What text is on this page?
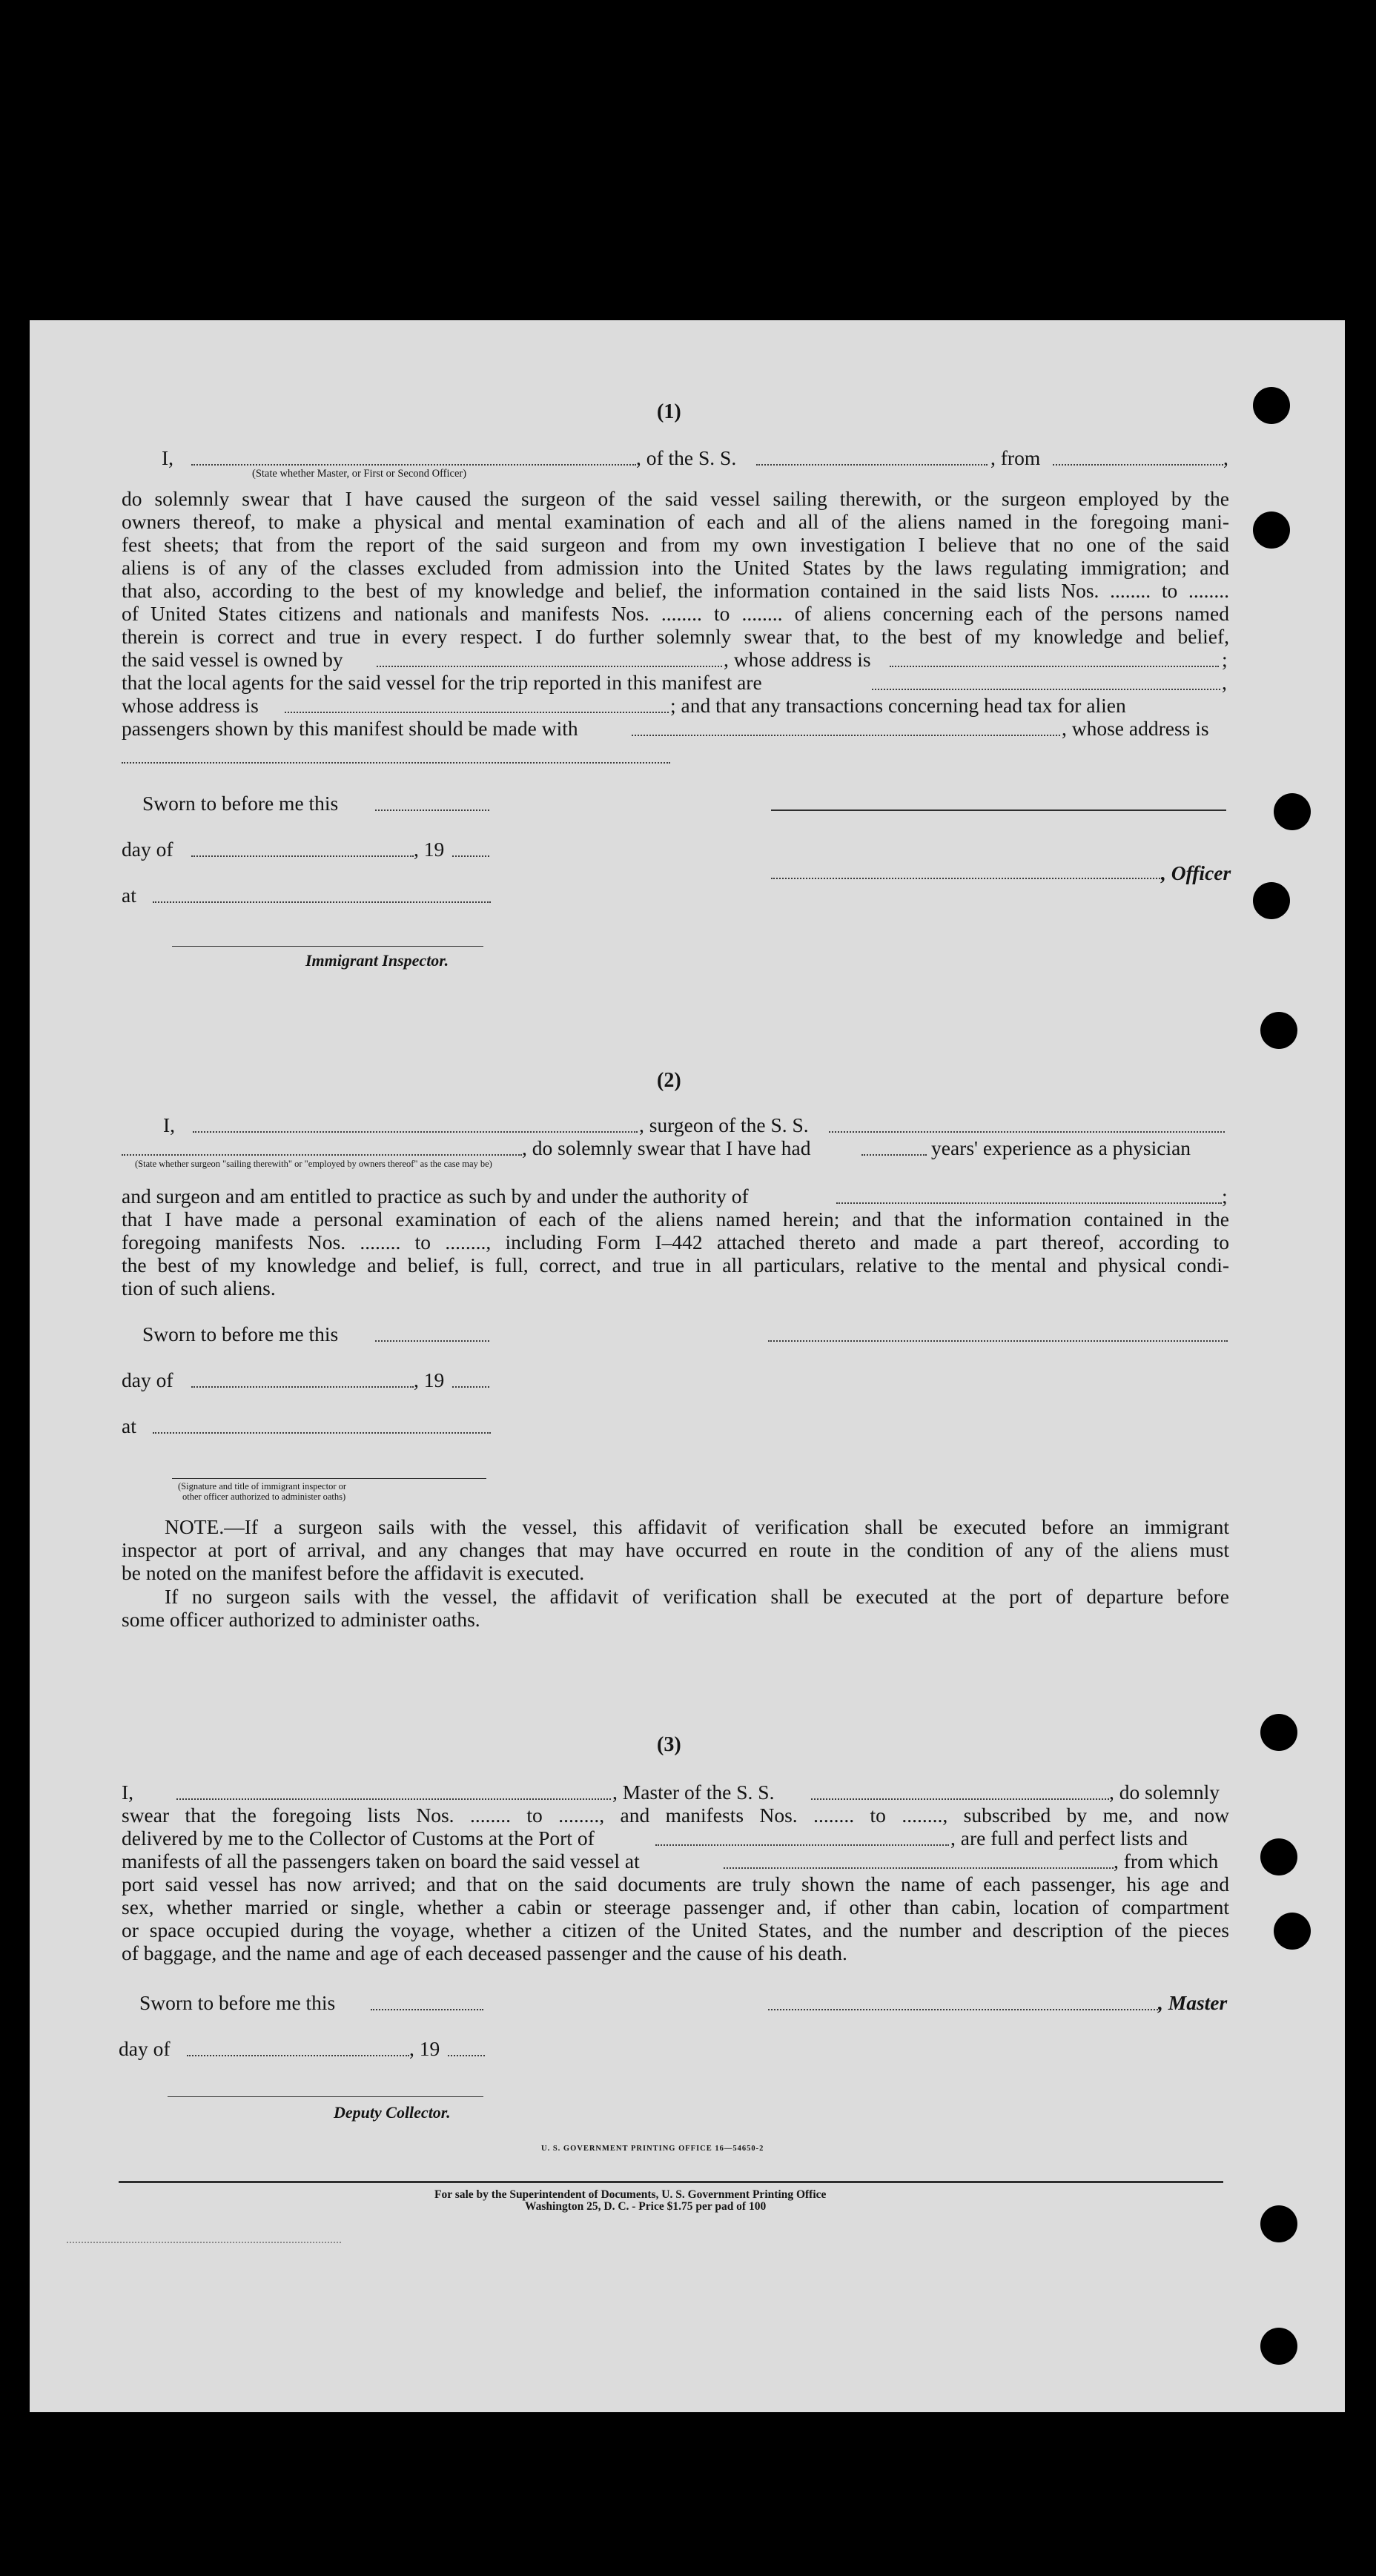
(1)
I,	, of the S. S.	, from	,
(State whether Master, or First or Second Officer)
do solemnly swear that I have caused the surgeon of the said vessel sailing therewith, or the surgeon employed by the
owners thereof, to make a physical and mental examination of each and all of the aliens named in the foregoing mani-
fest sheets; that from the report of the said surgeon and from my own investigation I believe that no one of the said
aliens is of any of the classes excluded from admission into the United States by the laws regulating immigration; and
that also, according to the best of my knowledge and belief, the information contained in the said lists Nos. ........ to ........
of United States citizens and nationals and manifests Nos. ........ to ........ of aliens concerning each of the persons named
therein is correct and true in every respect. I do further solemnly swear that, to the best of my knowledge and belief,
the said vessel is owned by	, whose address is	;
that the local agents for the said vessel for the trip reported in this manifest are	,
whose address is	; and that any transactions concerning head tax for alien
passengers shown by this manifest should be made with	, whose address is
Sworn to before me this
day of	, 19
, Officer
at
Immigrant Inspector.
(2)
I,	, surgeon of the S. S.
, do solemnly swear that I have had	years' experience as a physician
(State whether surgeon "sailing therewith" or "employed by owners thereof" as the case may be)
and surgeon and am entitled to practice as such by and under the authority of	;
that I have made a personal examination of each of the aliens named herein; and that the information contained in the
foregoing manifests Nos. ........ to ........, including Form I–442 attached thereto and made a part thereof, according to
the best of my knowledge and belief, is full, correct, and true in all particulars, relative to the mental and physical condi-
tion of such aliens.
Sworn to before me this
day of	, 19
at
(Signature and title of immigrant inspector or
other officer authorized to administer oaths)
NOTE.—If a surgeon sails with the vessel, this affidavit of verification shall be executed before an immigrant
inspector at port of arrival, and any changes that may have occurred en route in the condition of any of the aliens must
be noted on the manifest before the affidavit is executed.
If no surgeon sails with the vessel, the affidavit of verification shall be executed at the port of departure before
some officer authorized to administer oaths.
(3)
I,	, Master of the S. S.	, do solemnly
swear that the foregoing lists Nos. ........ to ........, and manifests Nos. ........ to ........, subscribed by me, and now
delivered by me to the Collector of Customs at the Port of	, are full and perfect lists and
manifests of all the passengers taken on board the said vessel at	, from which
port said vessel has now arrived; and that on the said documents are truly shown the name of each passenger, his age and
sex, whether married or single, whether a cabin or steerage passenger and, if other than cabin, location of compartment
or space occupied during the voyage, whether a citizen of the United States, and the number and description of the pieces
of baggage, and the name and age of each deceased passenger and the cause of his death.
Sworn to before me this	, Master
day of	, 19
Deputy Collector.
U. S. GOVERNMENT PRINTING OFFICE 16—54650-2
For sale by the Superintendent of Documents, U. S. Government Printing Office
Washington 25, D. C. - Price $1.75 per pad of 100
